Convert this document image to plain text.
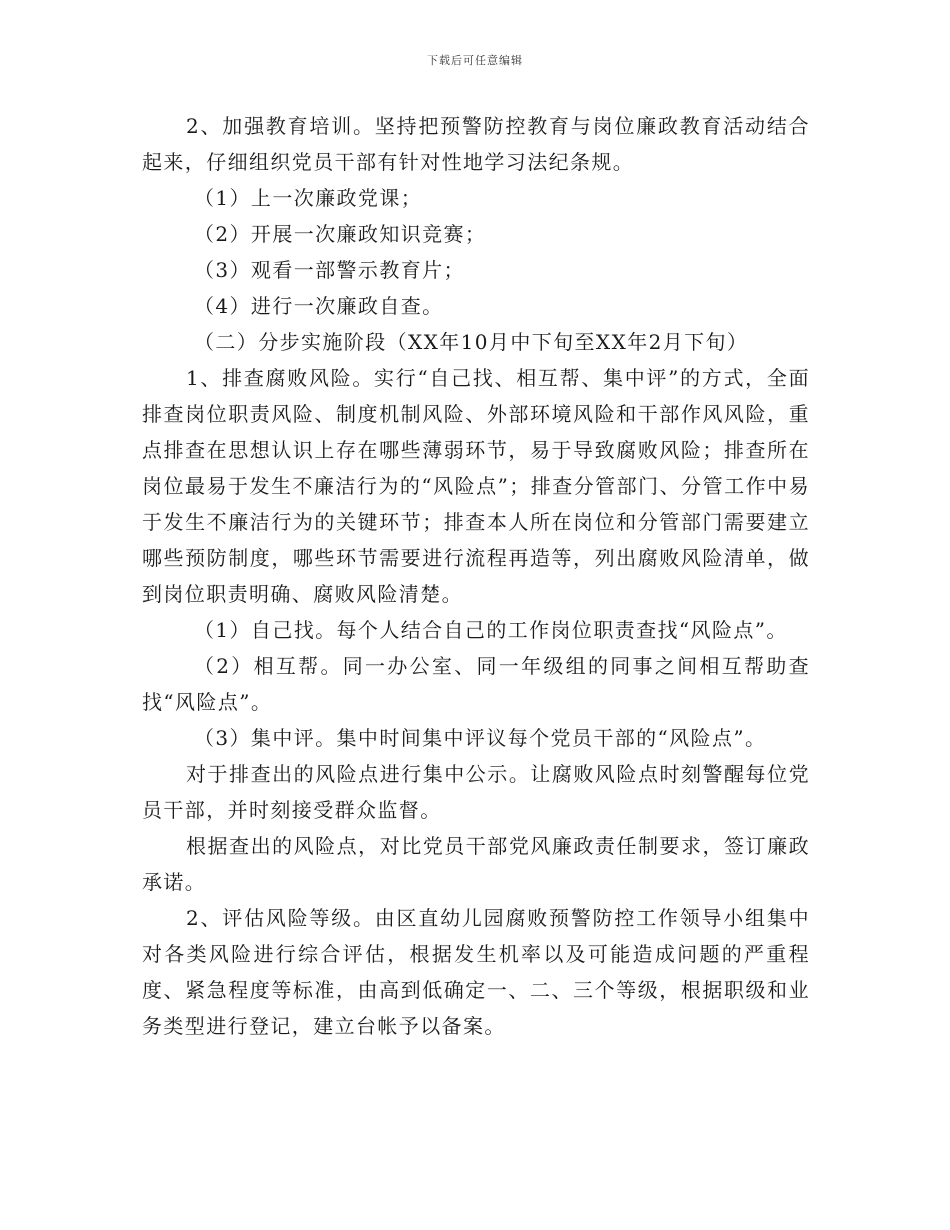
下载后可任意编辑

2、加强教育培训。坚持把预警防控教育与岗位廉政教育活动结合起来，仔细组织党员干部有针对性地学习法纪条规。

（1）上一次廉政党课；

（2）开展一次廉政知识竞赛；

（3）观看一部警示教育片；

（4）进行一次廉政自查。

（二）分步实施阶段（XX年10月中下旬至XX年2月下旬）

1、排查腐败风险。实行“自己找、相互帮、集中评”的方式，全面排查岗位职责风险、制度机制风险、外部环境风险和干部作风风险，重点排查在思想认识上存在哪些薄弱环节，易于导致腐败风险；排查所在岗位最易于发生不廉洁行为的“风险点”；排查分管部门、分管工作中易于发生不廉洁行为的关键环节；排查本人所在岗位和分管部门需要建立哪些预防制度，哪些环节需要进行流程再造等，列出腐败风险清单，做到岗位职责明确、腐败风险清楚。

（1）自己找。每个人结合自己的工作岗位职责查找“风险点”。

（2）相互帮。同一办公室、同一年级组的同事之间相互帮助查找“风险点”。

（3）集中评。集中时间集中评议每个党员干部的“风险点”。

对于排查出的风险点进行集中公示。让腐败风险点时刻警醒每位党员干部，并时刻接受群众监督。

根据查出的风险点，对比党员干部党风廉政责任制要求，签订廉政承诺。

2、评估风险等级。由区直幼儿园腐败预警防控工作领导小组集中对各类风险进行综合评估，根据发生机率以及可能造成问题的严重程度、紧急程度等标准，由高到低确定一、二、三个等级，根据职级和业务类型进行登记，建立台帐予以备案。
